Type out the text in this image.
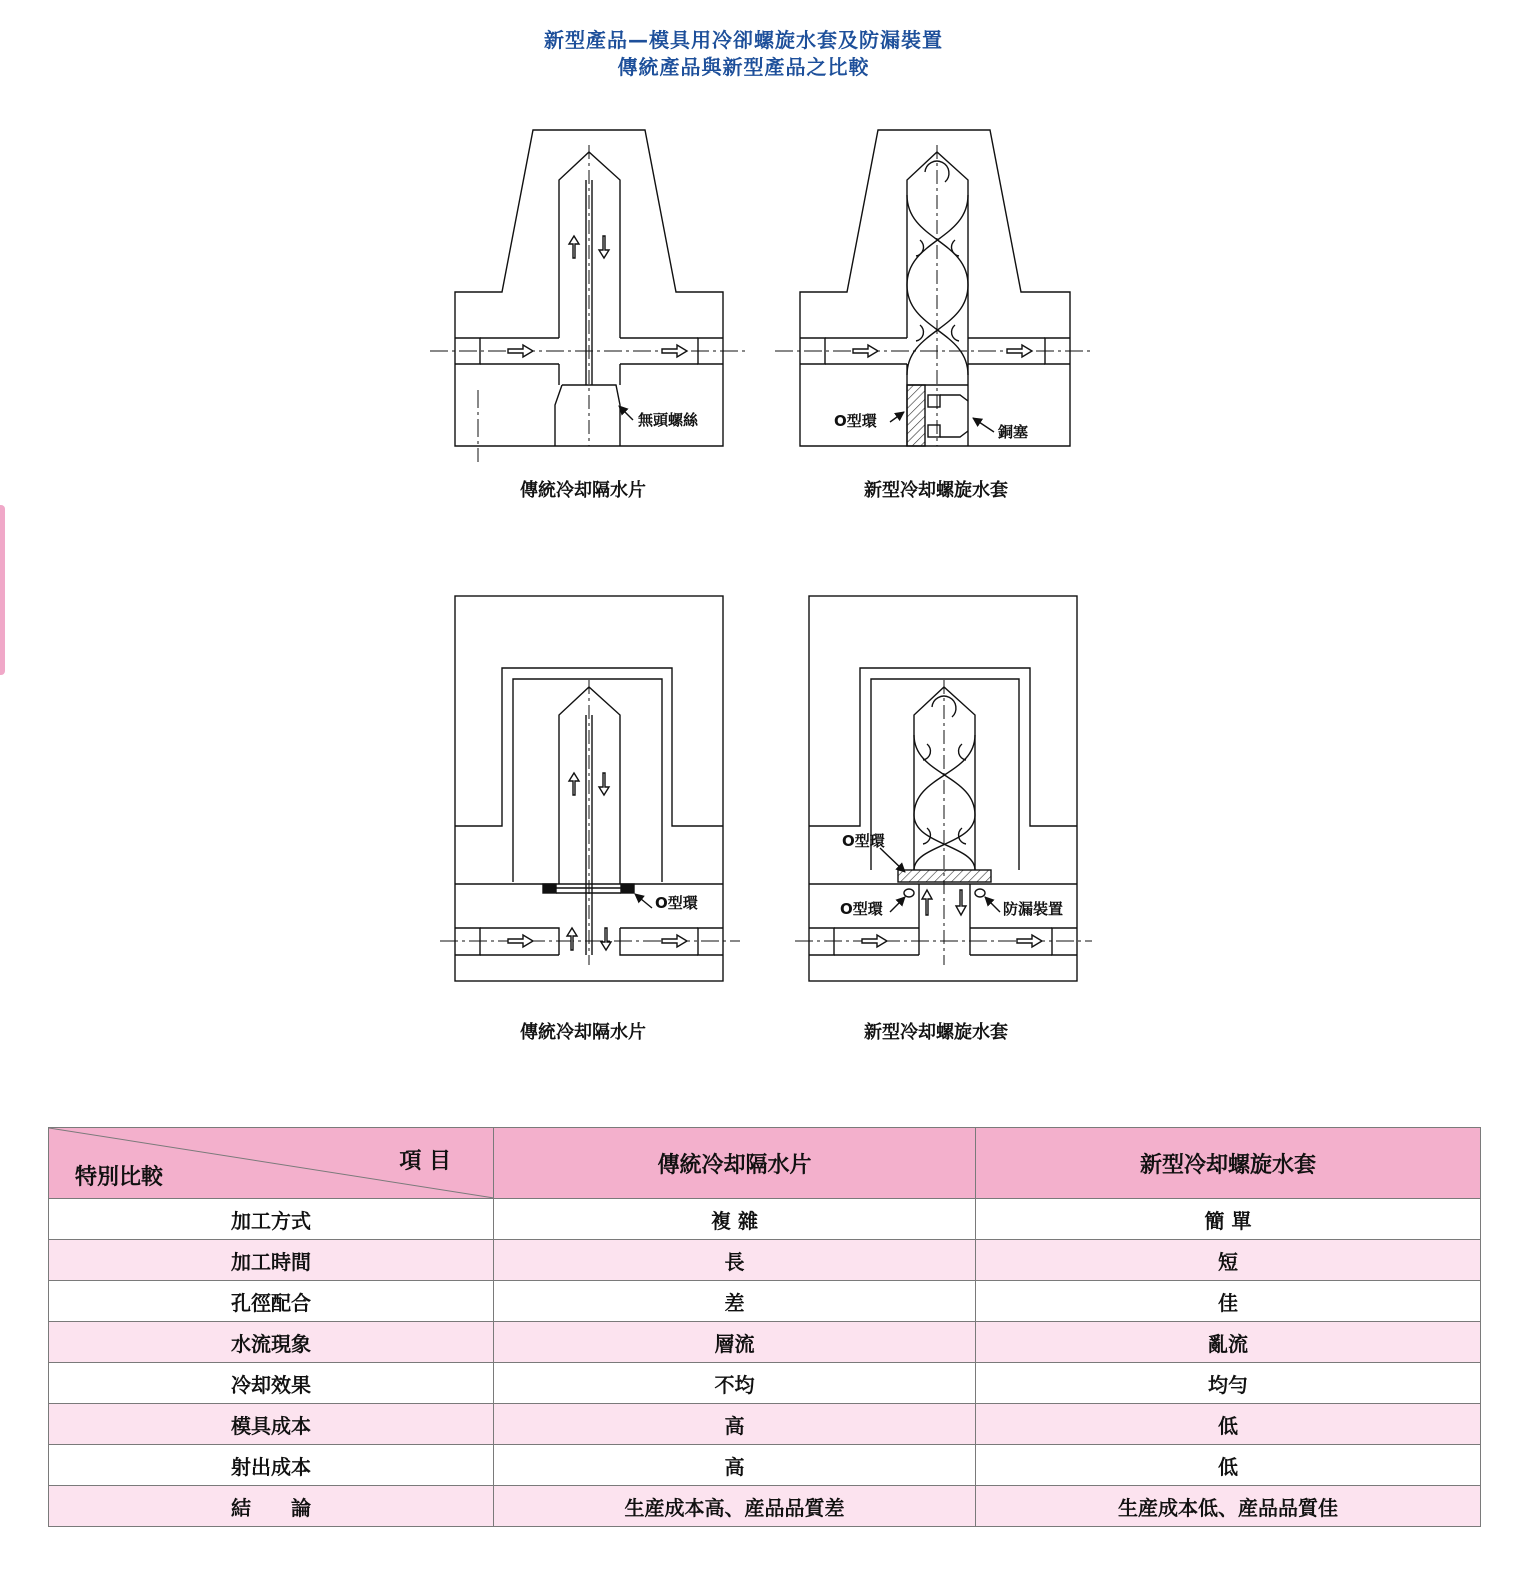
新型產品—模具用冷卻螺旋水套及防漏裝置
傳統產品與新型產品之比較
無頭螺絲
傳統冷却隔水片
O型環
銅塞
新型冷却螺旋水套
O型環
傳統冷却隔水片
O型環
O型環	防漏裝置
新型冷却螺旋水套
項 目
特別比較	傳統冷却隔水片	新型冷却螺旋水套
加工方式	複 雜	簡 單
加工時間	長	短
孔徑配合	差	佳
水流現象	層流	亂流
冷却效果	不均	均勻
模具成本	高	低
射出成本	高	低
結　　論	生産成本高、産品品質差	生産成本低、産品品質佳
